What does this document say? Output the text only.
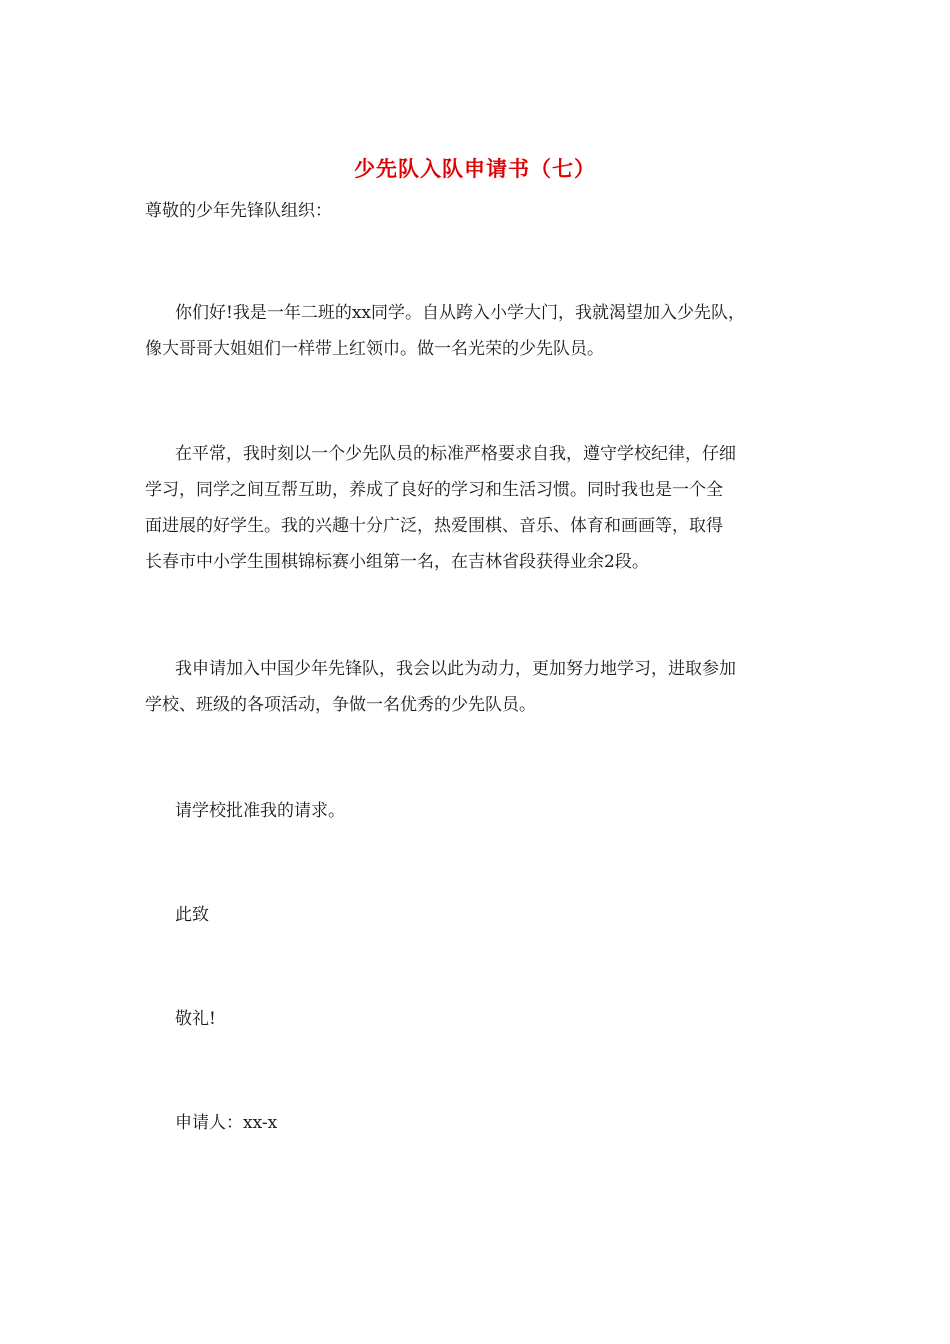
少先队入队申请书（七）
尊敬的少年先锋队组织：
你们好!我是一年二班的xx同学。自从跨入小学大门，我就渴望加入少先队，
像大哥哥大姐姐们一样带上红领巾。做一名光荣的少先队员。
在平常，我时刻以一个少先队员的标准严格要求自我，遵守学校纪律，仔细
学习，同学之间互帮互助，养成了良好的学习和生活习惯。同时我也是一个全
面进展的好学生。我的兴趣十分广泛，热爱围棋、音乐、体育和画画等，取得
长春市中小学生围棋锦标赛小组第一名，在吉林省段获得业余2段。
我申请加入中国少年先锋队，我会以此为动力，更加努力地学习，进取参加
学校、班级的各项活动，争做一名优秀的少先队员。
请学校批准我的请求。
此致
敬礼!
申请人：xx-x
